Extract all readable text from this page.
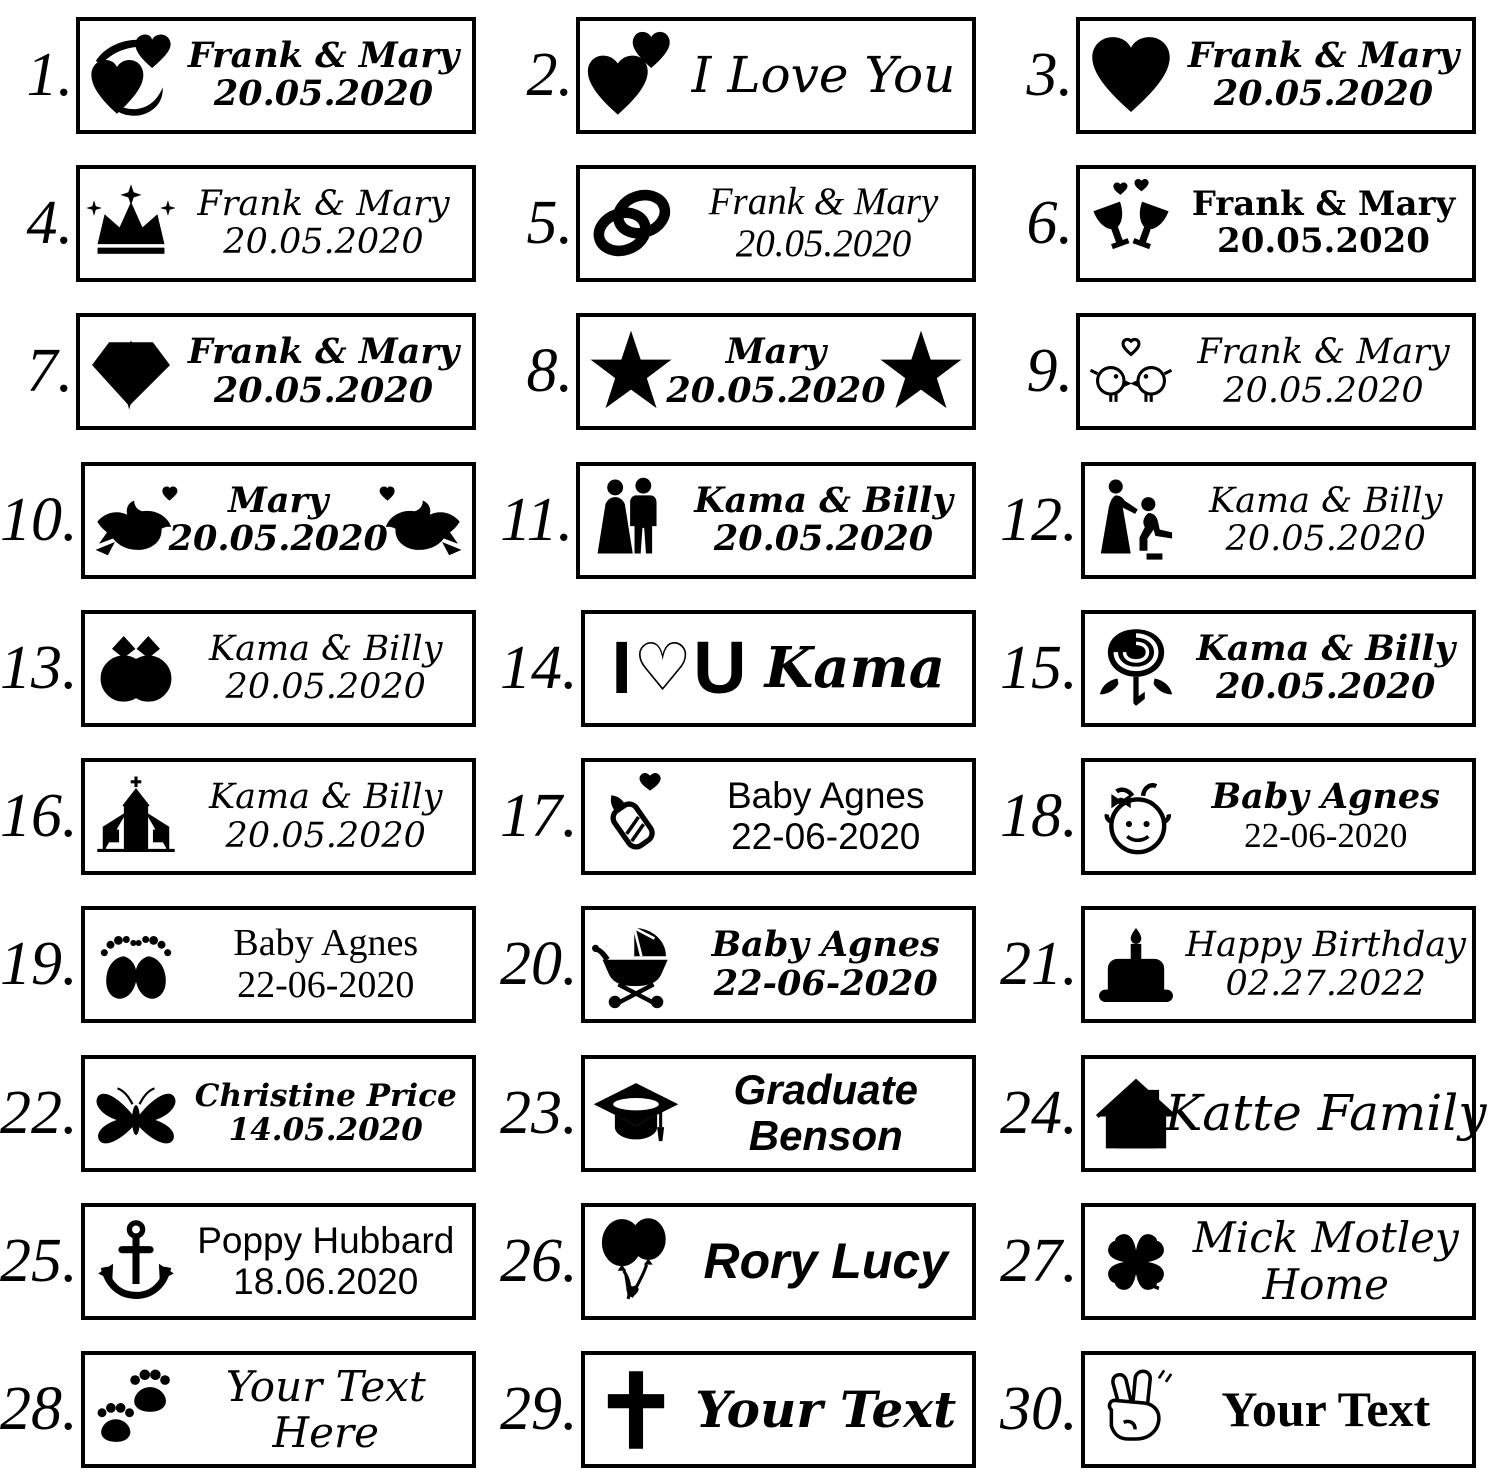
1.	Frank & Mary
20.05.2020	2. I Love You	3.	Frank & Mary
20.05.2020
4.	Frank & Mary
20.05.2020	5.	Frank & Mary
20.05.2020	6.	Frank & Mary
20.05.2020
7.	Frank & Mary
20.05.2020	8.	Mary
20.05.2020	9.	Frank & Mary
20.05.2020
10.	Mary
20.05.2020 11.	Kama & Billy
20.05.2020 12.	Kama & Billy
20.05.2020
13.	Kama & Billy
20.05.2020 14. I ♡ U Kama 15.	Kama & Billy
20.05.2020
16.	Kama & Billy
20.05.2020 17.	Baby Agnes
22-06-2020 18.	Baby Agnes
22-06-2020
19.	Baby Agnes
22-06-2020 20.	Baby Agnes
22-06-2020 21.	Happy Birthday
02.27.2022
22.	Christine Price
14.05.2020 23.	Graduate
Benson 24. Katte Family
25.	Poppy Hubbard
18.06.2020 26.	Rory Lucy 27.	Mick Motley
Home
28.	Your Text
Here 29. Your Text 30.	Your Text
